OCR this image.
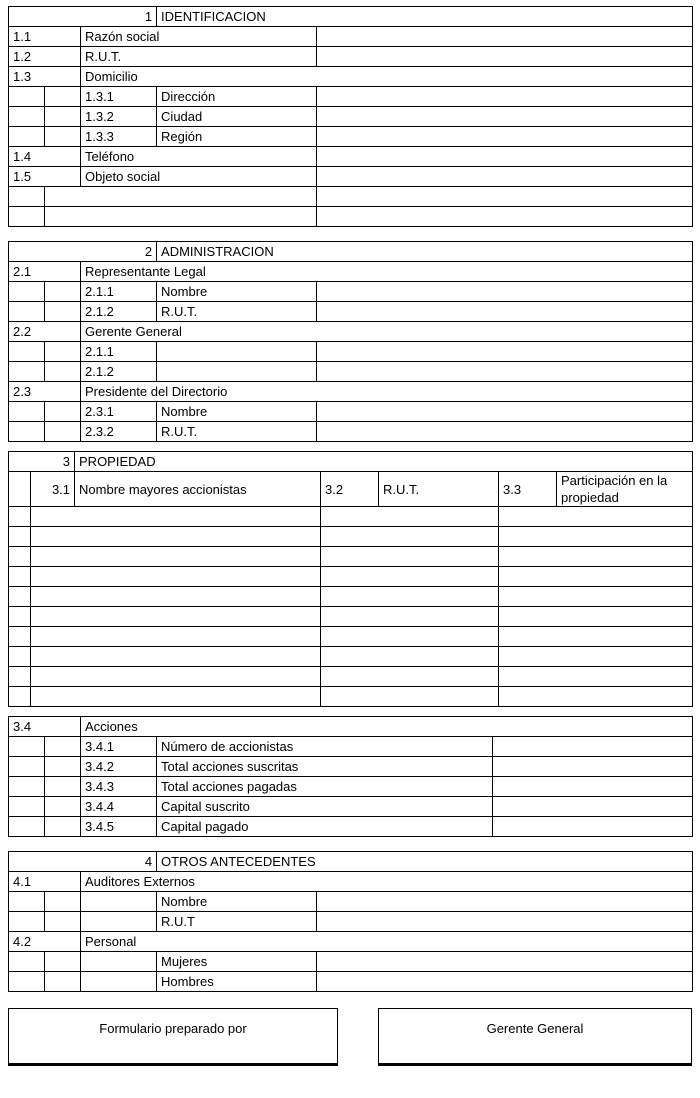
1			IDENTIFICACION	
1.1		Razón social		
1.2		R.U.T.		
1.3		Domicilio		
		1.3.1	Dirección	
		1.3.2	Ciudad	
		1.3.3	Región	
1.4		Teléfono		
1.5		Objeto social		

2			ADMINISTRACION	
2.1		Representante Legal		
		2.1.1	Nombre	
		2.1.2	R.U.T.	
2.2		Gerente General		
		2.1.1		
		2.1.2		
2.3		Presidente del Directorio		
		2.3.1	Nombre	
		2.3.2	R.U.T.	
3		PROPIEDAD				
	3.1	Nombre mayores accionistas	3.2	R.U.T.	3.3	Participación en la propiedad

3.4		Acciones		
		3.4.1	Número de accionistas	
		3.4.2	Total acciones suscritas	
		3.4.3	Total acciones pagadas	
		3.4.4	Capital suscrito	
		3.4.5	Capital pagado	
4			OTROS ANTECEDENTES	
4.1		Auditores Externos		
			Nombre	
			R.U.T	
4.2		Personal		
			Mujeres	
			Hombres	
Formulario preparado por	Gerente General
